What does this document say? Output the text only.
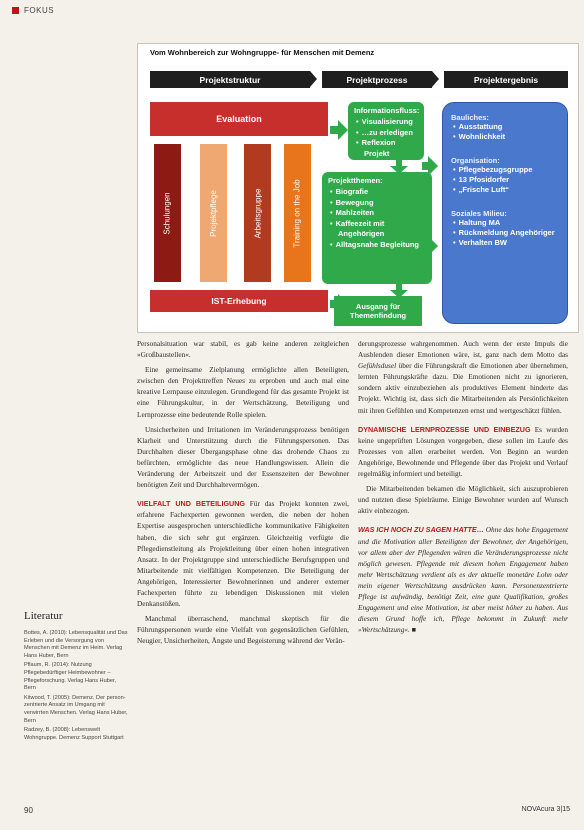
FOKUS
Vom Wohnbereich zur Wohngruppe- für Menschen mit Demenz
Projektstruktur	Projektprozess	Projektergebnis
Evaluation
Schulungen	Projektpflege	Arbeitsgruppe	Training on the Job
IST-Erhebung
Informationsfluss:
• Visualisierung
• …zu erledigen
• Reflexion Projekt
Projektthemen:
• Biografie
• Bewegung
• Mahlzeiten
• Kaffeezeit mit Angehörigen
• Alltagsnahe Begleitung
Ausgang für Themenfindung
Bauliches:
• Ausstattung
• Wohnlichkeit
Organisation:
• Pflegebezugsgruppe
• 13 Pfosidorfer
• „Frische Luft“
Soziales Milieu:
• Haltung MA
• Rückmeldung Angehöriger
• Verhalten BW

Personalsituation war stabil, es gab keine anderen zeitgleichen »Großbaustellen«.

Eine gemeinsame Zielplanung ermöglichte allen Beteiligten, zwischen den Projekttreffen Neues zu erproben und auch mal eine kreative Lernpause einzulegen. Grundlegend für das gesamte Projekt ist eine Führungskultur, in der Wertschätzung, Beteiligung und Lernprozesse eine bedeutende Rolle spielen.

Unsicherheiten und Irritationen im Veränderungsprozess benötigen Klarheit und Unterstützung durch die Führungspersonen. Das Durchhalten dieser Übergangsphase ohne das drohende Chaos zu befürchten, ermöglichte das neue Handlungswissen. Allein die Veränderung der Arbeitszeit und der Essenszeiten der Bewohner benötigten Zeit und Durchhaltevermögen.

VIELFALT UND BETEILIGUNG Für das Projekt konnten zwei, erfahrene Fachexperten gewonnen werden, die neben der hohen Expertise ausgesprochen unterschiedliche kommunikative Fähigkeiten haben, die sich sehr gut ergänzen. Gleichzeitig verfügte die Pflegedienstleitung als Projektleitung über einen hohen integrativen Ansatz. In der Projektgruppe sind unterschiedliche Berufsgruppen und Mitarbeitende mit vielfältigen Kompetenzen. Die Beteiligung der Angehörigen, Interessierter Bewohnerinnen und anderer externer Fachexperten führte zu lebendigen Diskussionen mit vielen Denkanstößen.

Manchmal überraschend, manchmal skeptisch für die Führungspersonen wurde eine Vielfalt von gegensätzlichen Gefühlen, Neugier, Unsicherheiten, Ängste und Begeisterung während der Verän-

derungsprozesse wahrgenommen. Auch wenn der erste Impuls die Ausblenden dieser Emotionen wäre, ist, ganz nach dem Motto das Gefühlsdusel über die Führungskraft die Emotionen aber übernehmen, lernten Führungskräfte dazu. Die Emotionen nicht zu ignorieren, sondern aktiv einzubeziehen als produktives Element hinderte das Projekt. Wichtig ist, dass sich die Mitarbeitenden als Persönlichkeiten mit ihren Gefühlen und Kompetenzen ernst und wertgeschätzt fühlen.

DYNAMISCHE LERNPROZESSE UND EINBEZUG Es wurden keine ungeprüften Lösungen vorgegeben, diese sollen im Laufe des Prozesses von allen erarbeitet werden. Von Beginn an wurden Angehörige, Bewohnende und Pflegende über das Projekt und Verlauf regelmäßig informiert und beteiligt.

Die Mitarbeitenden bekamen die Möglichkeit, sich auszuprobieren und nutzten diese Spielräume. Einige Bewohner wurden auf Wunsch aktiv einbezogen.

WAS ICH NOCH ZU SAGEN HATTE… Ohne das hohe Engagement und die Motivation aller Beteiligten der Bewohner, der Angehörigen, vor allem aber der Pflegenden wären die Veränderungsprozesse nicht möglich gewesen. Pflegende mit diesem hohen Engagement haben mehr Wertschätzung verdient als es der aktuelle monetäre Lohn oder mein eigener Wertschätzung ausdrücken kann. Personenzentrierte Pflege ist aufwändig, benötigt Zeit, eine gute Qualifikation, großes Engagement und eine Motivation, ist aber meist höher zu haben. Aus diesem Grund hoffe ich, Pflege bekommt in Zukunft mehr »Wertschätzung«. ■

Literatur

Bottes, A. (2010): Lebensqualität und Das Erleben und die Versorgung von Menschen mit Demenz im Heim. Verlag Hans Huber, Bern

Pflaum, R. (2014): Nutzung Pflegebedürftiger Heimbewohner – Pflegeforschung. Verlag Hans Huber, Bern

Kitwood, T. (2005): Demenz. Der person-zentrierte Ansatz im Umgang mit verwirrten Menschen. Verlag Hans Huber, Bern

Radzey, B. (2008): Lebenswelt Wohngruppe. Demenz Support Stuttgart

90	NOVAcura 3|15
